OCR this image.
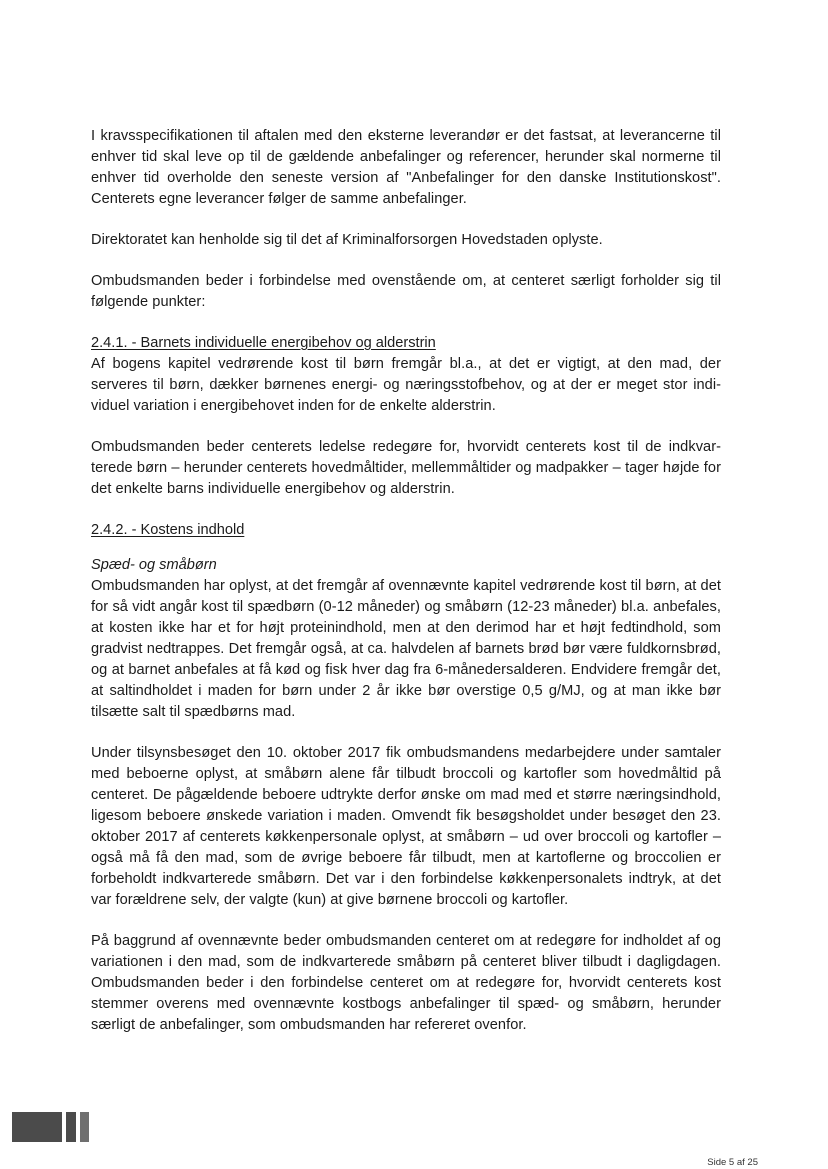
I kravsspecifikationen til aftalen med den eksterne leverandør er det fastsat, at leverancerne til enhver tid skal leve op til de gældende anbefalinger og referencer, herunder skal normerne til enhver tid overholde den seneste version af "Anbefalinger for den danske Institutionskost". Centerets egne leverancer følger de samme anbefalinger.

Direktoratet kan henholde sig til det af Kriminalforsorgen Hovedstaden oplyste.

Ombudsmanden beder i forbindelse med ovenstående om, at centeret særligt forholder sig til følgende punkter:

2.4.1. - Barnets individuelle energibehov og alderstrin

Af bogens kapitel vedrørende kost til børn fremgår bl.a., at det er vigtigt, at den mad, der serveres til børn, dækker børnenes energi- og næringsstofbehov, og at der er meget stor individuel variation i energibehovet inden for de enkelte alderstrin.

Ombudsmanden beder centerets ledelse redegøre for, hvorvidt centerets kost til de indkvarterede børn – herunder centerets hovedmåltider, mellemmåltider og madpakker – tager højde for det enkelte barns individuelle energibehov og alderstrin.

2.4.2. - Kostens indhold

Spæd- og småbørn

Ombudsmanden har oplyst, at det fremgår af ovennævnte kapitel vedrørende kost til børn, at det for så vidt angår kost til spædbørn (0-12 måneder) og småbørn (12-23 måneder) bl.a. anbefales, at kosten ikke har et for højt proteinindhold, men at den derimod har et højt fedtindhold, som gradvist nedtrappes. Det fremgår også, at ca. halvdelen af barnets brød bør være fuldkornsbrød, og at barnet anbefales at få kød og fisk hver dag fra 6-månedersalderen. Endvidere fremgår det, at saltindholdet i maden for børn under 2 år ikke bør overstige 0,5 g/MJ, og at man ikke bør tilsætte salt til spædbørns mad.

Under tilsynsbesøget den 10. oktober 2017 fik ombudsmandens medarbejdere under samtaler med beboerne oplyst, at småbørn alene får tilbudt broccoli og kartofler som hovedmåltid på centeret. De pågældende beboere udtrykte derfor ønske om mad med et større næringsindhold, ligesom beboere ønskede variation i maden. Omvendt fik besøgsholdet under besøget den 23. oktober 2017 af centerets køkkenpersonale oplyst, at småbørn – ud over broccoli og kartofler – også må få den mad, som de øvrige beboere får tilbudt, men at kartoflerne og broccolien er forbeholdt indkvarterede småbørn. Det var i den forbindelse køkkenpersonalets indtryk, at det var forældrene selv, der valgte (kun) at give børnene broccoli og kartofler.

På baggrund af ovennævnte beder ombudsmanden centeret om at redegøre for indholdet af og variationen i den mad, som de indkvarterede småbørn på centeret bliver tilbudt i dagligdagen. Ombudsmanden beder i den forbindelse centeret om at redegøre for, hvorvidt centerets kost stemmer overens med ovennævnte kostbogs anbefalinger til spæd- og småbørn, herunder særligt de anbefalinger, som ombudsmanden har refereret ovenfor.

Side 5 af 25
